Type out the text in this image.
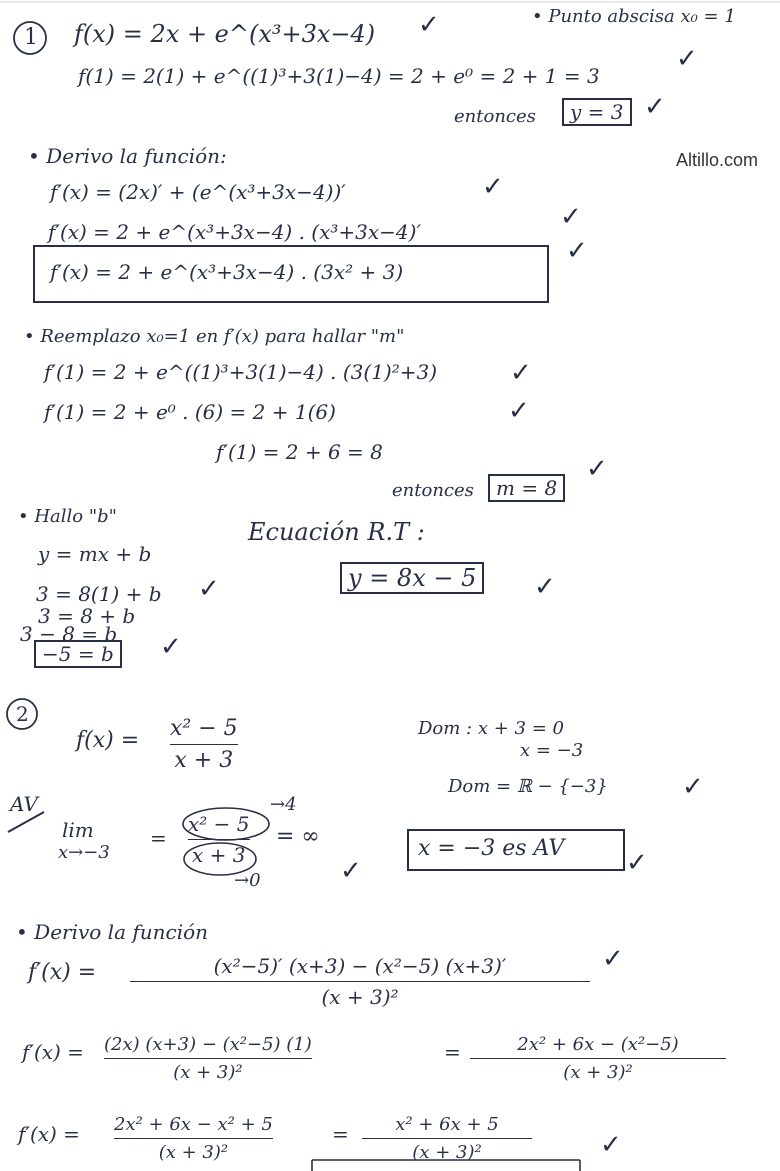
Altillo.com
1 f(x) = 2x + e^(x³+3x−4) ✓	• Punto abscisa x₀ = 1
f(1) = 2(1) + e^((1)³+3(1)−4) = 2 + e⁰ = 2 + 1 = 3
✓
entonces	y = 3 ✓
• Derivo la función:
f′(x) = (2x)′ + (e^(x³+3x−4))′	✓
f′(x) = 2 + e^(x³+3x−4) . (x³+3x−4)′	✓
f′(x) = 2 + e^(x³+3x−4) . (3x² + 3)
✓
• Reemplazo x₀=1 en f′(x) para hallar "m"
f′(1) = 2 + e^((1)³+3(1)−4) . (3(1)²+3)	✓
f′(1) = 2 + e⁰ . (6) = 2 + 1(6)	✓
f′(1) = 2 + 6 = 8
entonces	m = 8
✓
• Hallo "b"
Ecuación R.T :
y = mx + b
y = 8x − 5	✓
3 = 8(1) + b ✓
3 = 8 + b
3 − 8 = b
−5 = b	✓
2
f(x) = x² − 5
x + 3
Dom : x + 3 = 0
x = −3
Dom = ℝ − {−3}	✓
AV
lim
x→−3
=
x² − 5
x + 3
→4
→0
= ∞
✓
x = −3 es AV ✓
• Derivo la función
f′(x) =	(x²−5)′ (x+3) − (x²−5) (x+3)′
(x + 3)²
✓
f′(x) = (2x) (x+3) − (x²−5) (1)
(x + 3)²
=	2x² + 6x − (x²−5)
(x + 3)²
f′(x) = 2x² + 6x − x² + 5
(x + 3)²
=	x² + 6x + 5
(x + 3)²	✓
